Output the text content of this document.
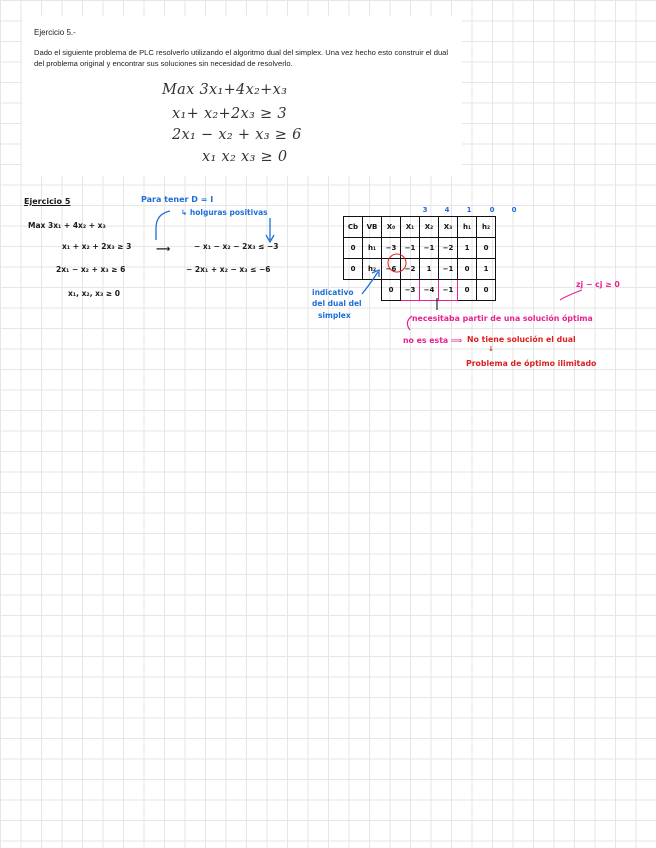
Ejercicio 5.-
Dado el siguiente problema de PLC resolverlo utilizando el algoritmo dual del simplex. Una vez hecho esto construir el dual del problema original y encontrar sus soluciones sin necesidad de resolverlo.
Max 3x₁+4x₂+x₃
x₁+ x₂+2x₃ ≥ 3
2x₁ − x₂ + x₃ ≥ 6
x₁ x₂ x₃ ≥ 0
Ejercicio 5
Max 3x₁ + 4x₂ + x₃
x₁ + x₂ + 2x₃ ≥ 3
2x₁ − x₂ + x₃ ≥ 6
x₁, x₂, x₃ ≥ 0
⟶	− x₁ − x₂ − 2x₃ ≤ −3
− 2x₁ + x₂ − x₃ ≤ −6
Para tener D = I
↳ holguras positivas
indicativo
del dual del
simplex
3	4	1	0	0
Cb	VB	X₀	X₁	X₂	X₃	h₁	h₂
0	h₁	−3	−1	−1	−2	1	0
0	h₂	−6	−2	1	−1	0	1
		0	−3	−4	−1	0	0
zj − cj ≥ 0
necesitaba partir de una solución óptima
no es esta ⟹ No tiene solución el dual
↓
Problema de óptimo ilimitado
